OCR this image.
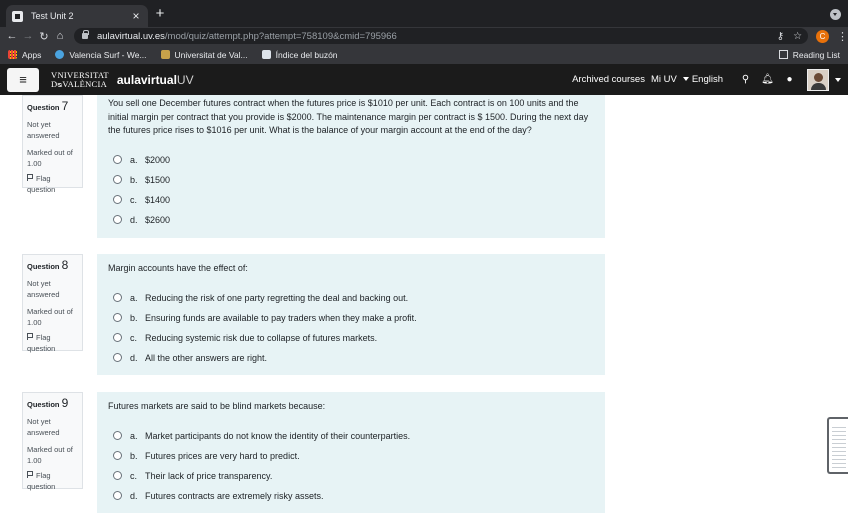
Test Unit 2	× +
← → ↻ ⌂	aulavirtual.uv.es /mod/quiz/attempt.php?attempt=758109&cmid=795966	⚷ ☆	C	⋮
Apps	Valencia Surf - We...	Universitat de Val...	Índice del buzón	Reading List
≡	VNIVERSITAT
DᴓVALÈNCIA aulavirtualUV	Archived courses Mi UV	English ⚲ 🔔︎ ●
Question 7
Not yet answered
Marked out of 1.00
Flag question
You sell one December futures contract when the futures price is $1010 per unit. Each contract is on 100 units and the initial margin per contract that you provide is $2000. The maintenance margin per contract is $ 1500. During the next day the futures price rises to $1016 per unit. What is the balance of your margin account at the end of the day?
a. $2000
b. $1500
c. $1400
d. $2600
Question 8
Not yet answered
Marked out of 1.00
Flag question
Margin accounts have the effect of:
a. Reducing the risk of one party regretting the deal and backing out.
b. Ensuring funds are available to pay traders when they make a profit.
c. Reducing systemic risk due to collapse of futures markets.
d. All the other answers are right.
Question 9
Not yet answered
Marked out of 1.00
Flag question
Futures markets are said to be blind markets because:
a. Market participants do not know the identity of their counterparties.
b. Futures prices are very hard to predict.
c. Their lack of price transparency.
d. Futures contracts are extremely risky assets.
